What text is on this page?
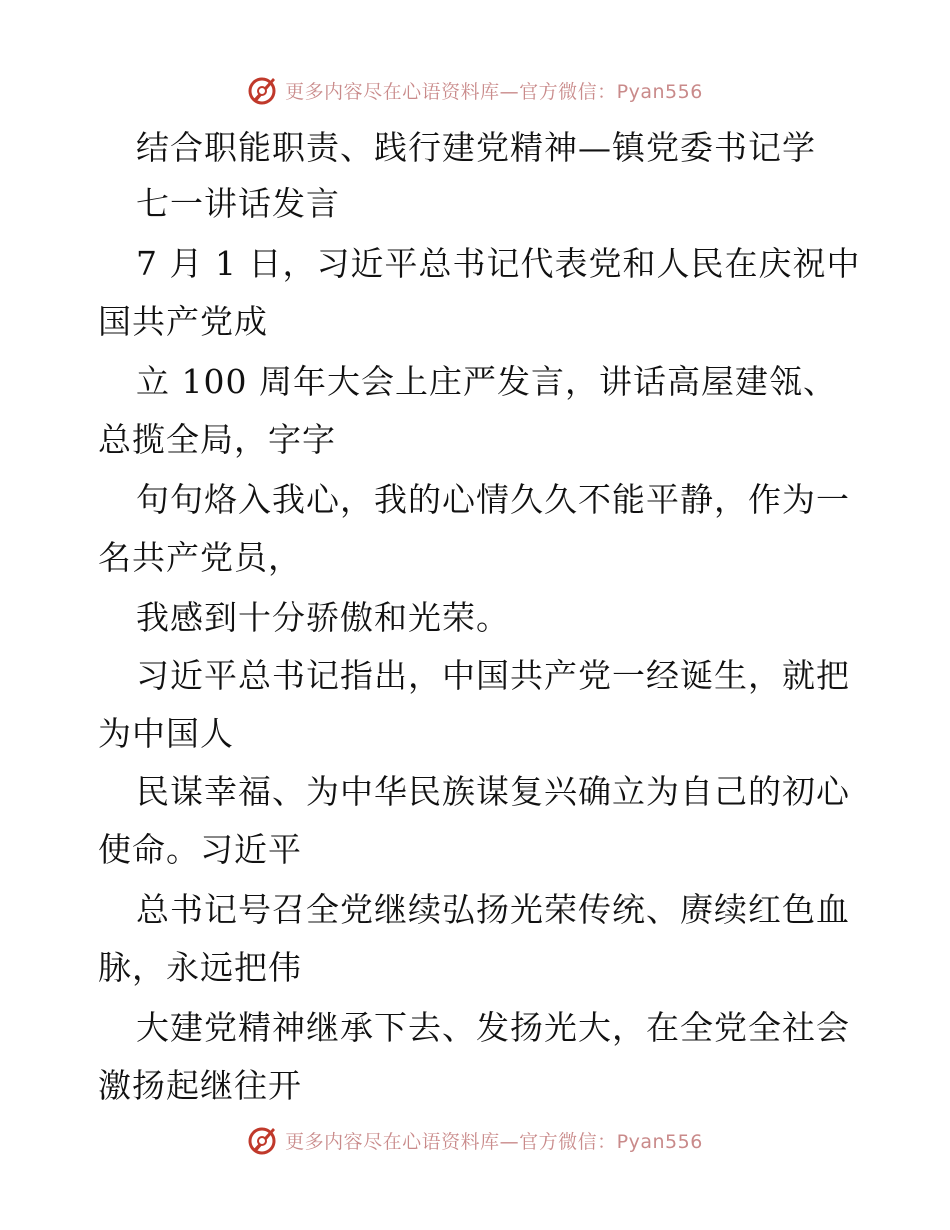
更多内容尽在心语资料库—官方微信：Pyan556
结合职能职责、践行建党精神—镇党委书记学
七一讲话发言
7 月 1 日，习近平总书记代表党和人民在庆祝中
国共产党成
立 100 周年大会上庄严发言，讲话高屋建瓴、
总揽全局，字字
句句烙入我心，我的心情久久不能平静，作为一
名共产党员，
我感到十分骄傲和光荣。
习近平总书记指出，中国共产党一经诞生，就把
为中国人
民谋幸福、为中华民族谋复兴确立为自己的初心
使命。习近平
总书记号召全党继续弘扬光荣传统、赓续红色血
脉，永远把伟
大建党精神继承下去、发扬光大，在全党全社会
激扬起继往开
更多内容尽在心语资料库—官方微信：Pyan556
